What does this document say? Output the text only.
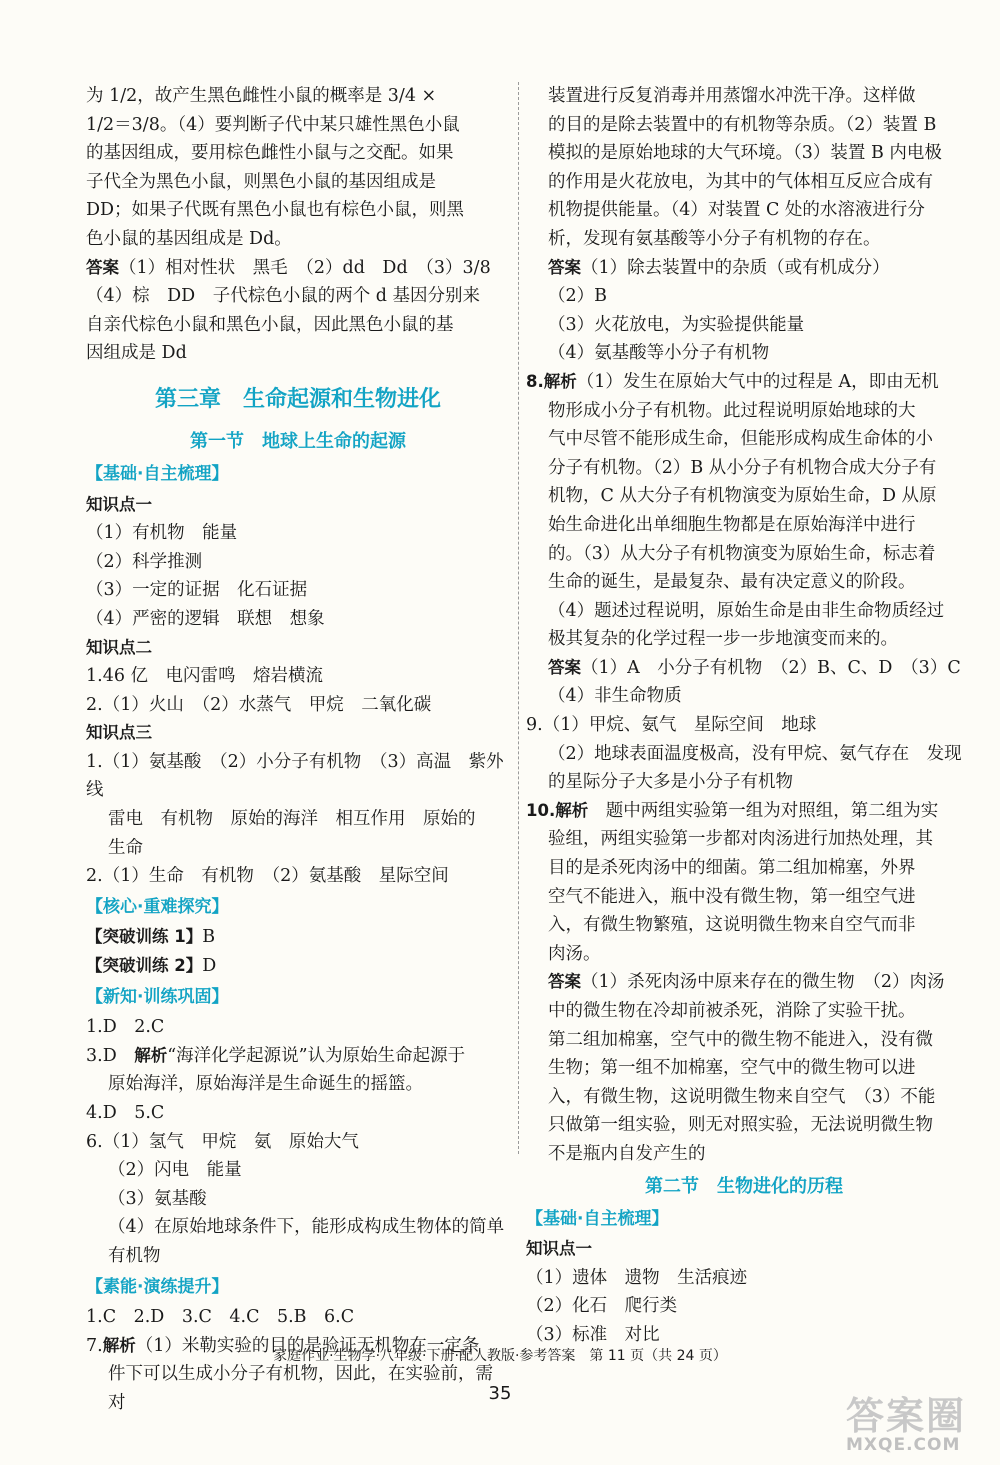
为 1/2，故产生黑色雌性小鼠的概率是 3/4 ×

1/2＝3/8。（4）要判断子代中某只雄性黑色小鼠

的基因组成，要用棕色雌性小鼠与之交配。如果

子代全为黑色小鼠，则黑色小鼠的基因组成是

DD；如果子代既有黑色小鼠也有棕色小鼠，则黑

色小鼠的基因组成是 Dd。

答案（1）相对性状　黑毛　（2）dd　Dd　（3）3/8

（4）棕　DD　子代棕色小鼠的两个 d 基因分别来

自亲代棕色小鼠和黑色小鼠，因此黑色小鼠的基

因组成是 Dd

第三章　生命起源和生物进化
第一节　地球上生命的起源

【基础·自主梳理】

知识点一

（1）有机物　能量

（2）科学推测

（3）一定的证据　化石证据

（4）严密的逻辑　联想　想象

知识点二

1.46 亿　电闪雷鸣　熔岩横流

2.（1）火山　（2）水蒸气　甲烷　二氧化碳

知识点三

1.（1）氨基酸　（2）小分子有机物　（3）高温　紫外线

雷电　有机物　原始的海洋　相互作用　原始的

生命

2.（1）生命　有机物　（2）氨基酸　星际空间

【核心·重难探究】

【突破训练 1】B

【突破训练 2】D

【新知·训练巩固】

1.D　2.C

3.D　解析“海洋化学起源说”认为原始生命起源于

原始海洋，原始海洋是生命诞生的摇篮。

4.D　5.C

6.（1）氢气　甲烷　氨　原始大气

（2）闪电　能量

（3）氨基酸

（4）在原始地球条件下，能形成构成生物体的简单

有机物

【素能·演练提升】

1.C　2.D　3.C　4.C　5.B　6.C

7.解析（1）米勒实验的目的是验证无机物在一定条

件下可以生成小分子有机物，因此，在实验前，需对

装置进行反复消毒并用蒸馏水冲洗干净。这样做

的目的是除去装置中的有机物等杂质。（2）装置 B

模拟的是原始地球的大气环境。（3）装置 B 内电极

的作用是火花放电，为其中的气体相互反应合成有

机物提供能量。（4）对装置 C 处的水溶液进行分

析，发现有氨基酸等小分子有机物的存在。

答案（1）除去装置中的杂质（或有机成分）

（2）B

（3）火花放电，为实验提供能量

（4）氨基酸等小分子有机物

8.解析（1）发生在原始大气中的过程是 A，即由无机

物形成小分子有机物。此过程说明原始地球的大

气中尽管不能形成生命，但能形成构成生命体的小

分子有机物。（2）B 从小分子有机物合成大分子有

机物，C 从大分子有机物演变为原始生命，D 从原

始生命进化出单细胞生物都是在原始海洋中进行

的。（3）从大分子有机物演变为原始生命，标志着

生命的诞生，是最复杂、最有决定意义的阶段。

（4）题述过程说明，原始生命是由非生命物质经过

极其复杂的化学过程一步一步地演变而来的。

答案（1）A　小分子有机物　（2）B、C、D　（3）C

（4）非生命物质

9.（1）甲烷、氨气　星际空间　地球

（2）地球表面温度极高，没有甲烷、氨气存在　发现

的星际分子大多是小分子有机物

10.解析　 题中两组实验第一组为对照组，第二组为实

验组，两组实验第一步都对肉汤进行加热处理，其

目的是杀死肉汤中的细菌。第二组加棉塞，外界

空气不能进入，瓶中没有微生物，第一组空气进

入，有微生物繁殖，这说明微生物来自空气而非

肉汤。

答案（1）杀死肉汤中原来存在的微生物　（2）肉汤

中的微生物在冷却前被杀死，消除了实验干扰。

第二组加棉塞，空气中的微生物不能进入，没有微

生物；第一组不加棉塞，空气中的微生物可以进

入，有微生物，这说明微生物来自空气　（3）不能

只做第一组实验，则无对照实验，无法说明微生物

不是瓶内自发产生的

第二节　生物进化的历程

【基础·自主梳理】

知识点一

（1）遗体　遗物　生活痕迹

（2）化石　爬行类

（3）标准　对比

家庭作业·生物学·八年级·下册·配人教版·参考答案　第 11 页（共 24 页）
35
答案圈
MXQE.COM
